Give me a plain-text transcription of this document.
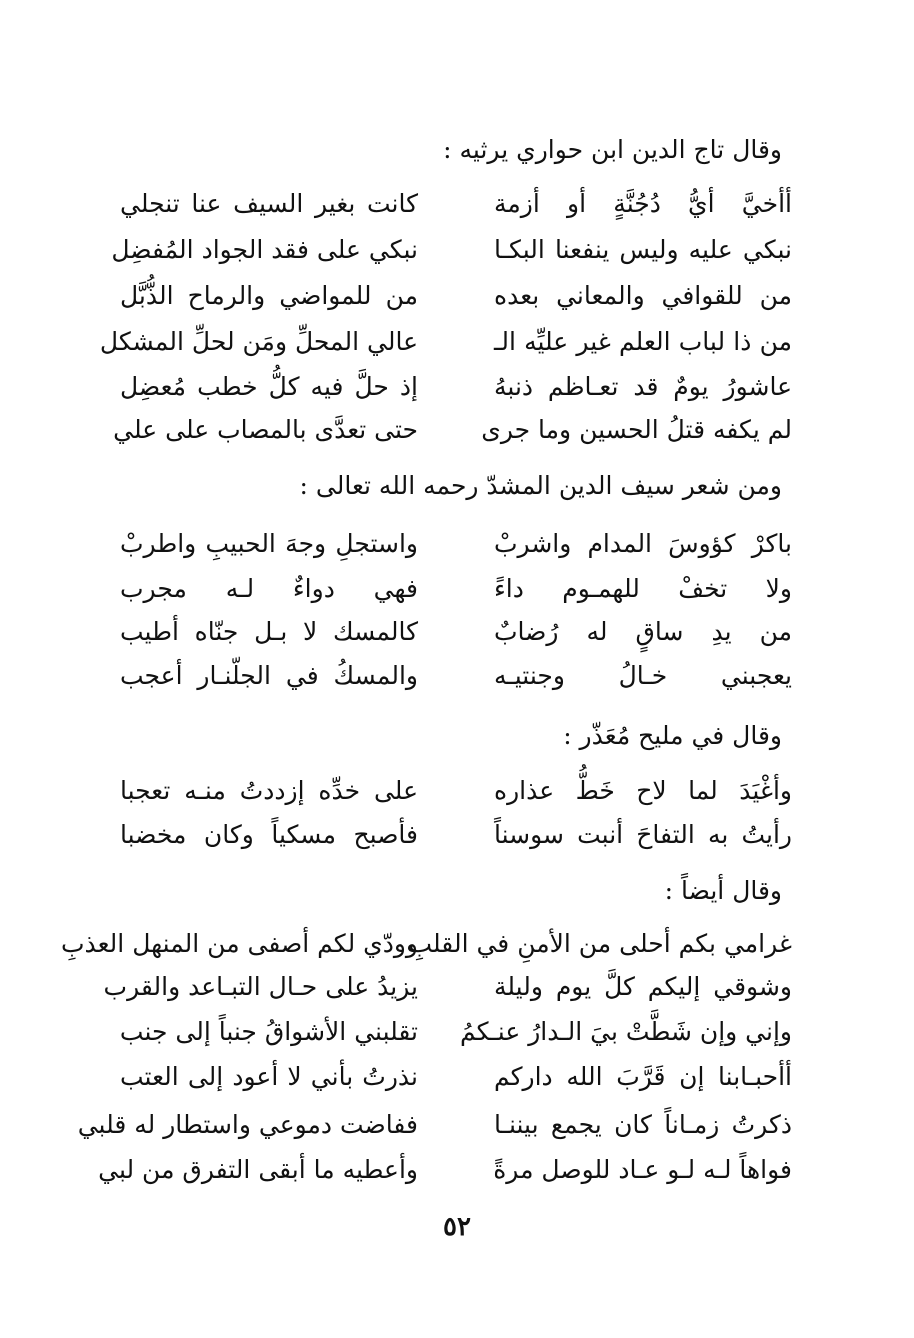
وقال تاج الدين ابن حواري يرثيه :
أأخيَّ أيُّ دُجُنَّةٍ أو أزمة
كانت بغير السيف عنا تنجلي
نبكي عليه وليس ينفعنا البكـا
نبكي على فقد الجواد المُفضِل
من للقوافي والمعاني بعده
من للمواضي والرماح الذُّبَّل
من ذا لباب العلم غير عليِّه الـ
عالي المحلِّ ومَن لحلِّ المشكل
عاشورُ يومٌ قد تعـاظم ذنبهُ
إذ حلَّ فيه كلُّ خطب مُعضِل
لم يكفه قتلُ الحسين وما جرى
حتى تعدَّى بالمصاب على علي
ومن شعر سيف الدين المشدّ رحمه الله تعالى :
باكرْ كؤوسَ المدام واشربْ
واستجلِ وجهَ الحبيبِ واطربْ
ولا تخفْ للهمـوم داءً
فهي دواءٌ لـه مجرب
من يدِ ساقٍ له رُضابٌ
كالمسك لا بـل جنّاه أطيب
يعجبني خـالُ وجنتيـه
والمسكُ في الجلّنـار أعجب
وقال في مليح مُعَذّر :
وأغْيَدَ لما لاح خَطُّ عذاره
على خدِّه إزددتُ منـه تعجبا
رأيتُ به التفاحَ أنبت سوسناً
فأصبح مسكياً وكان مخضبا
وقال أيضاً :
غرامي بكم أحلى من الأمنِ في القلبِ
وودّي لكم أصفى من المنهل العذبِ
وشوقي إليكم كلَّ يوم وليلة
يزيدُ على حـال التبـاعد والقرب
وإني وإن شَطَّتْ بيَ الـدارُ عنـكمُ
تقلبني الأشواقُ جنباً إلى جنب
أأحبـابنا إن قَرَّبَ الله داركم
نذرتُ بأني لا أعود إلى العتب
ذكرتُ زمـاناً كان يجمع بيننـا
ففاضت دموعي واستطار له قلبي
فواهاً لـه لـو عـاد للوصل مرةً
وأعطيه ما أبقى التفرق من لبي
٥٢
